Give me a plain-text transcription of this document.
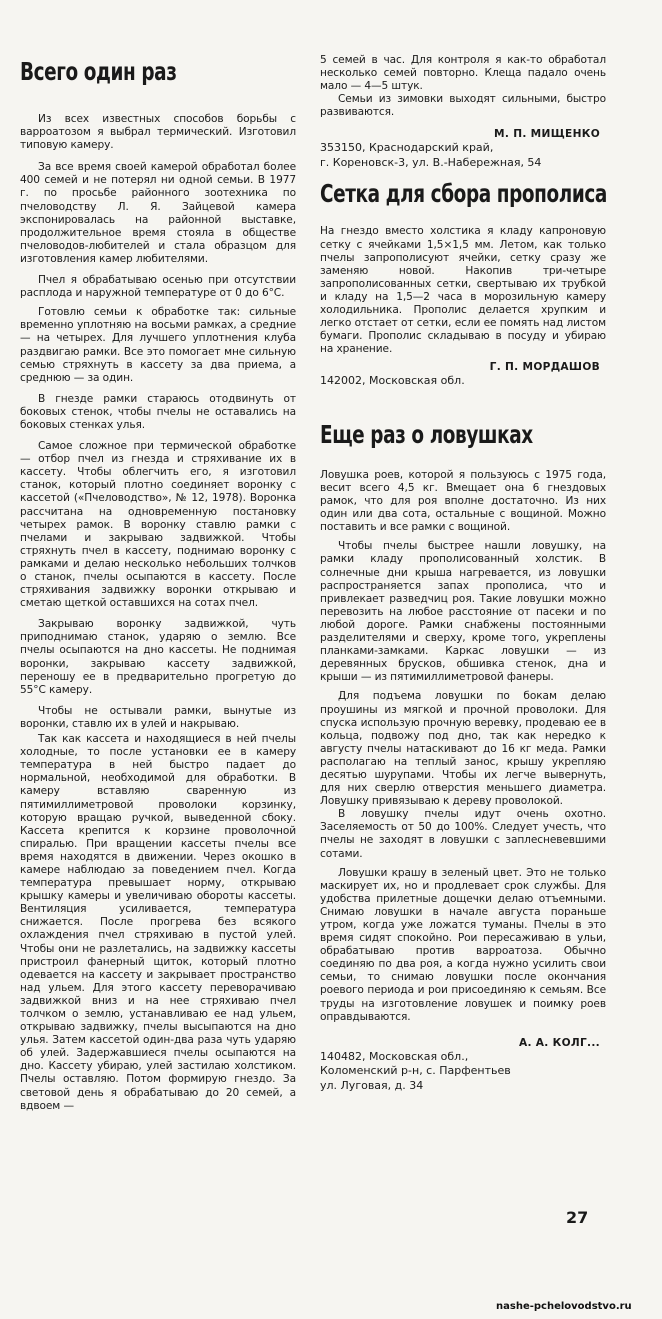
Всего один раз

Из всех известных способов борьбы с варроатозом я выбрал термический. Изготовил типовую камеру.

За все время своей камерой обработал более 400 семей и не потерял ни одной семьи. В 1977 г. по просьбе районного зоотехника по пчеловодству Л. Я. Зайцевой камера экспонировалась на районной выставке, продолжительное время стояла в обществе пчеловодов-любителей и стала образцом для изготовления камер любителями.

Пчел я обрабатываю осенью при отсутствии расплода и наружной температуре от 0 до 6°С.

Готовлю семьи к обработке так: сильные временно уплотняю на восьми рамках, а средние — на четырех. Для лучшего уплотнения клуба раздвигаю рамки. Все это помогает мне сильную семью стряхнуть в кассету за два приема, а среднюю — за один.

В гнезде рамки стараюсь отодвинуть от боковых стенок, чтобы пчелы не оставались на боковых стенках улья.

Самое сложное при термической обработке — отбор пчел из гнезда и стряхивание их в кассету. Чтобы облегчить его, я изготовил станок, который плотно соединяет воронку с кассетой («Пчеловодство», № 12, 1978). Воронка рассчитана на одновременную постановку четырех рамок. В воронку ставлю рамки с пчелами и закрываю задвижкой. Чтобы стряхнуть пчел в кассету, поднимаю воронку с рамками и делаю несколько небольших толчков о станок, пчелы осыпаются в кассету. После стряхивания задвижку воронки открываю и сметаю щеткой оставшихся на сотах пчел.

Закрываю воронку задвижкой, чуть приподнимаю станок, ударяю о землю. Все пчелы осыпаются на дно кассеты. Не поднимая воронки, закрываю кассету задвижкой, переношу ее в предварительно прогретую до 55°С камеру.

Чтобы не остывали рамки, вынутые из воронки, ставлю их в улей и накрываю.

Так как кассета и находящиеся в ней пчелы холодные, то после установки ее в камеру температура в ней быстро падает до нормальной, необходимой для обработки. В камеру вставляю сваренную из пятимиллиметровой проволоки корзинку, которую вращаю ручкой, выведенной сбоку. Кассета крепится к корзине проволочной спиралью. При вращении кассеты пчелы все время находятся в движении. Через окошко в камере наблюдаю за поведением пчел. Когда температура превышает норму, открываю крышку камеры и увеличиваю обороты кассеты. Вентиляция усиливается, температура снижается. После прогрева без всякого охлаждения пчел стряхиваю в пустой улей. Чтобы они не разлетались, на задвижку кассеты пристроил фанерный щиток, который плотно одевается на кассету и закрывает пространство над ульем. Для этого кассету переворачиваю задвижкой вниз и на нее стряхиваю пчел толчком о землю, устанавливаю ее над ульем, открываю задвижку, пчелы высыпаются на дно улья. Затем кассетой один-два раза чуть ударяю об улей. Задержавшиеся пчелы осыпаются на дно. Кассету убираю, улей застилаю холстиком. Пчелы оставляю. Потом формирую гнездо. За световой день я обрабатываю до 20 семей, а вдвоем —

5 семей в час. Для контроля я как-то обработал несколько семей повторно. Клеща падало очень мало — 4—5 штук.

Семьи из зимовки выходят сильными, быстро развиваются.

М. П. МИЩЕНКО
353150, Краснодарский край,
г. Кореновск-3, ул. В.-Набережная, 54
Сетка для сбора прополиса

На гнездо вместо холстика я кладу капроновую сетку с ячейками 1,5×1,5 мм. Летом, как только пчелы запрополисуют ячейки, сетку сразу же заменяю новой. Накопив три-четыре запрополисованных сетки, свертываю их трубкой и кладу на 1,5—2 часа в морозильную камеру холодильника. Прополис делается хрупким и легко отстает от сетки, если ее помять над листом бумаги. Прополис складываю в посуду и убираю на хранение.

Г. П. МОРДАШОВ
142002, Московская обл.
Еще раз о ловушках

Ловушка роев, которой я пользуюсь с 1975 года, весит всего 4,5 кг. Вмещает она 6 гнездовых рамок, что для роя вполне достаточно. Из них один или два сота, остальные с вощиной. Можно поставить и все рамки с вощиной.

Чтобы пчелы быстрее нашли ловушку, на рамки кладу прополисованный холстик. В солнечные дни крыша нагревается, из ловушки распространяется запах прополиса, что и привлекает разведчиц роя. Такие ловушки можно перевозить на любое расстояние от пасеки и по любой дороге. Рамки снабжены постоянными разделителями и сверху, кроме того, укреплены планками-замками. Каркас ловушки — из деревянных брусков, обшивка стенок, дна и крыши — из пятимиллиметровой фанеры.

Для подъема ловушки по бокам делаю проушины из мягкой и прочной проволоки. Для спуска использую прочную веревку, продеваю ее в кольца, подвожу под дно, так как нередко к августу пчелы натаскивают до 16 кг меда. Рамки располагаю на теплый занос, крышу укрепляю десятью шурупами. Чтобы их легче вывернуть, для них сверлю отверстия меньшего диаметра. Ловушку привязываю к дереву проволокой.

В ловушку пчелы идут очень охотно. Заселяемость от 50 до 100%. Следует учесть, что пчелы не заходят в ловушки с заплесневевшими сотами.

Ловушки крашу в зеленый цвет. Это не только маскирует их, но и продлевает срок службы. Для удобства прилетные дощечки делаю отъемными. Снимаю ловушки в начале августа пораньше утром, когда уже ложатся туманы. Пчелы в это время сидят спокойно. Рои пересаживаю в ульи, обрабатываю против варроатоза. Обычно соединяю по два роя, а когда нужно усилить свои семьи, то снимаю ловушки после окончания роевого периода и рои присоединяю к семьям. Все труды на изготовление ловушек и поимку роев оправдываются.

А. А. КОЛГ...
140482, Московская обл.,
Коломенский р-н, с. Парфентьев
ул. Луговая, д. 34
27
nashe-pchelovodstvo.ru
